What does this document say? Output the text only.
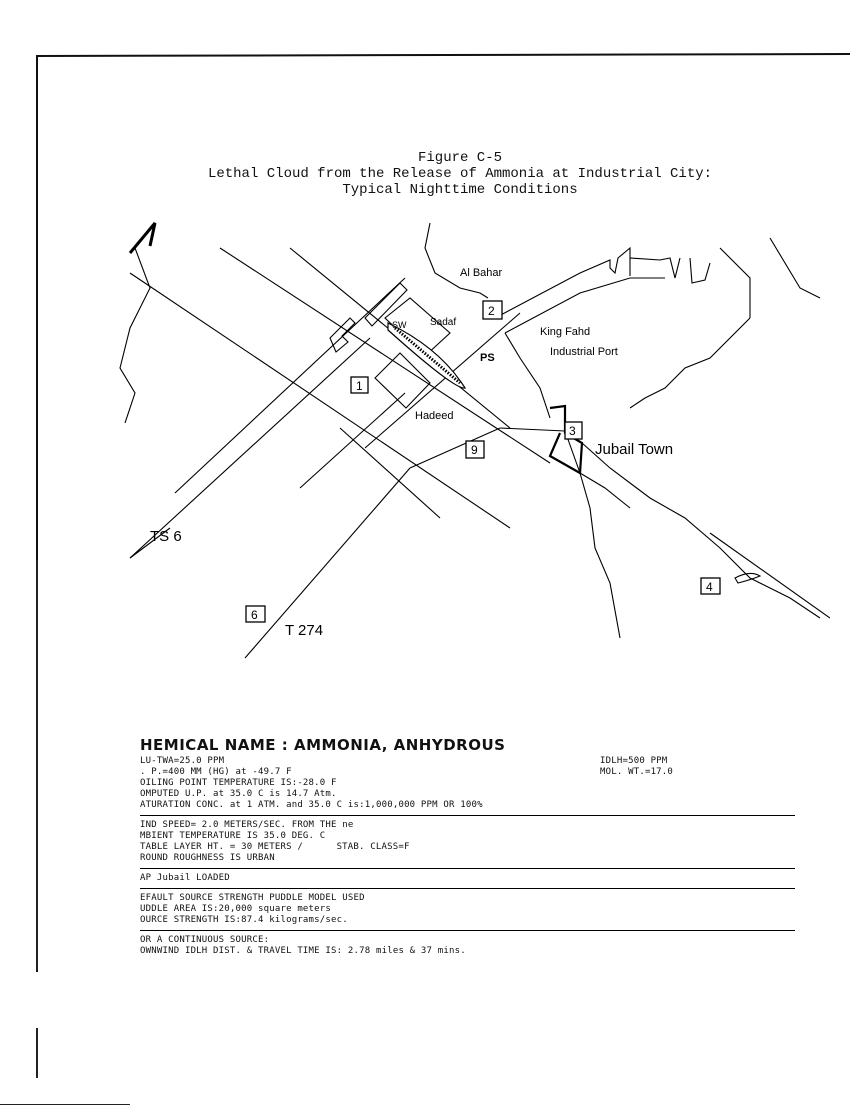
Figure C-5
Lethal Cloud from the Release of Ammonia at Industrial City:
Typical Nighttime Conditions
Al Bahar
SW Sadaf
PS
King Fahd
Industrial Port
Hadeed
Jubail Town
TS 6
T 274
1
2
3
4
6
9
HEMICAL NAME : AMMONIA, ANHYDROUS
LU-TWA=25.0 PPM	IDLH=500 PPM
. P.=400 MM (HG) at -49.7 F	MOL. WT.=17.0
OILING POINT TEMPERATURE IS:-28.0 F
OMPUTED U.P. at 35.0 C is 14.7 Atm.
ATURATION CONC. at 1 ATM. and 35.0 C is:1,000,000 PPM OR 100%
IND SPEED= 2.0 METERS/SEC. FROM THE ne
MBIENT TEMPERATURE IS 35.0 DEG. C
TABLE LAYER HT. = 30 METERS /	STAB. CLASS=F
ROUND ROUGHNESS IS URBAN
AP Jubail LOADED
EFAULT SOURCE STRENGTH PUDDLE MODEL USED
UDDLE AREA IS:20,000 square meters
OURCE STRENGTH IS:87.4 kilograms/sec.
OR A CONTINUOUS SOURCE:
OWNWIND IDLH DIST. & TRAVEL TIME IS: 2.78 miles & 37 mins.
